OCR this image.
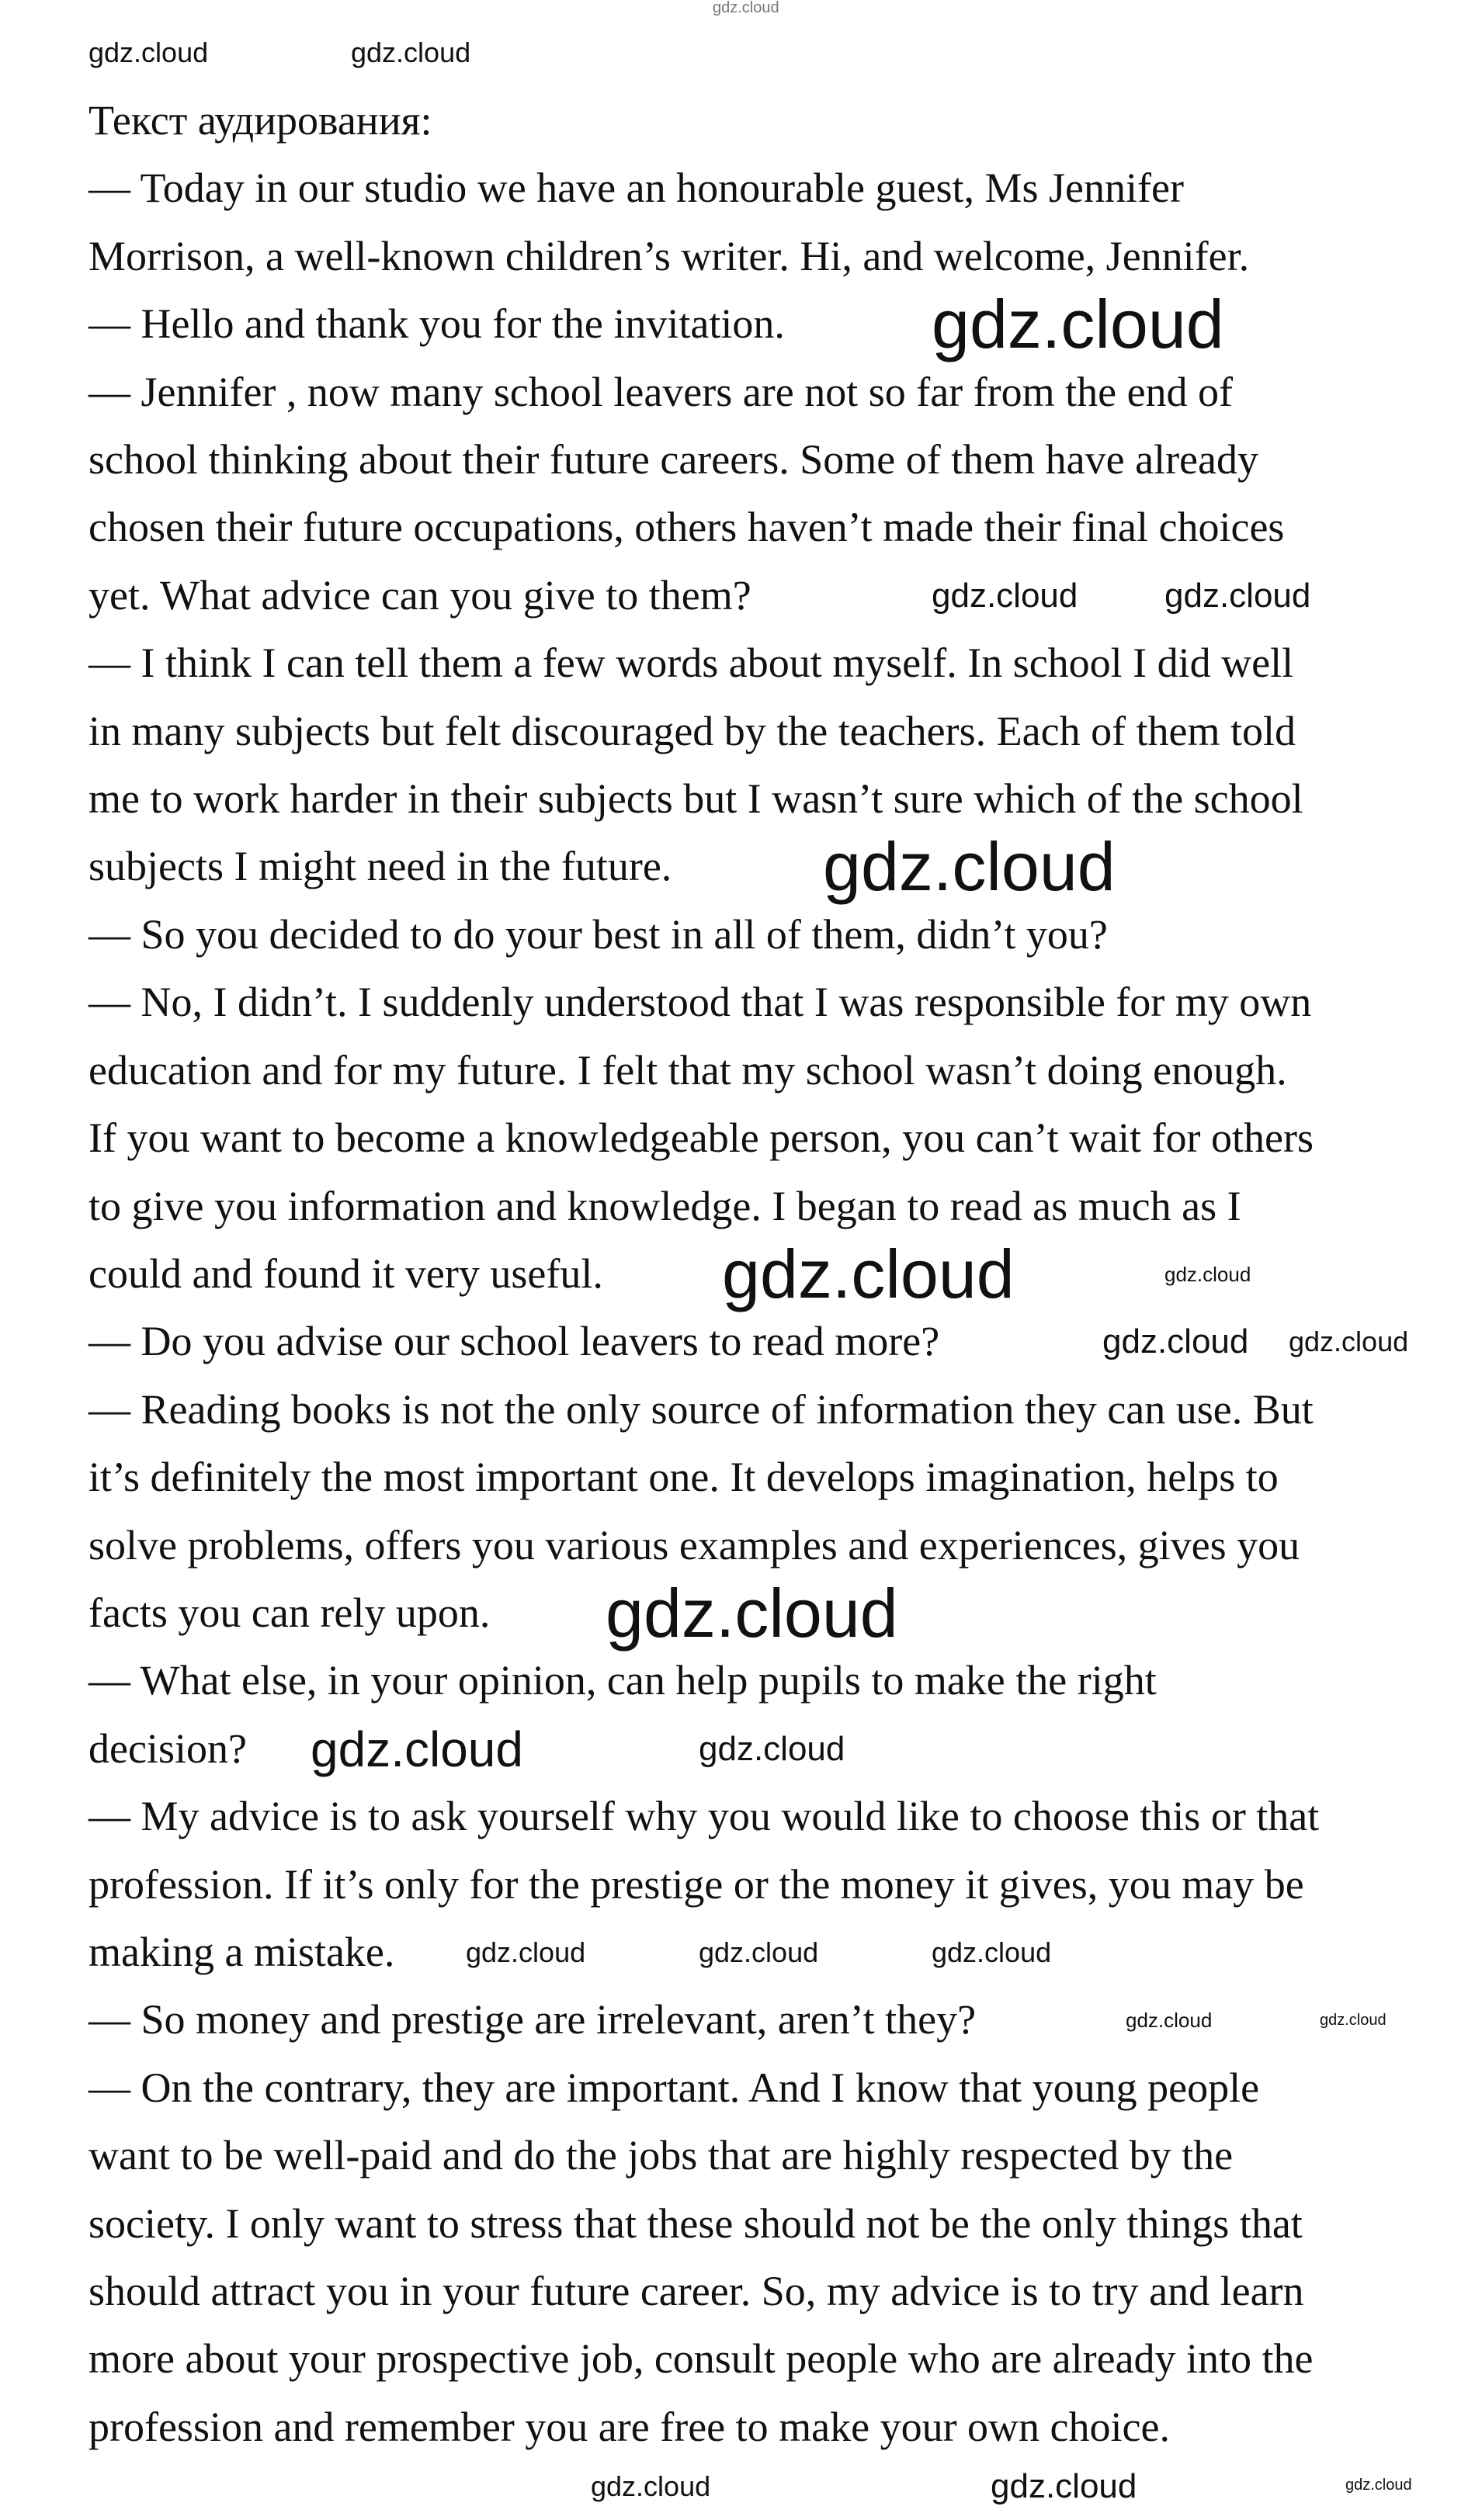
Текст аудирования:
— Today in our studio we have an honourable guest, Ms Jennifer
Morrison, a well-known children’s writer. Hi, and welcome, Jennifer.
— Hello and thank you for the invitation.
— Jennifer , now many school leavers are not so far from the end of
school thinking about their future careers. Some of them have already
chosen their future occupations, others haven’t made their final choices
yet. What advice can you give to them?
— I think I can tell them a few words about myself. In school I did well
in many subjects but felt discouraged by the teachers. Each of them told
me to work harder in their subjects but I wasn’t sure which of the school
subjects I might need in the future.
— So you decided to do your best in all of them, didn’t you?
— No, I didn’t. I suddenly understood that I was responsible for my own
education and for my future. I felt that my school wasn’t doing enough.
If you want to become a knowledgeable person, you can’t wait for others
to give you information and knowledge. I began to read as much as I
could and found it very useful.
— Do you advise our school leavers to read more?
— Reading books is not the only source of information they can use. But
it’s definitely the most important one. It develops imagination, helps to
solve problems, offers you various examples and experiences, gives you
facts you can rely upon.
— What else, in your opinion, can help pupils to make the right
decision?
— My advice is to ask yourself why you would like to choose this or that
profession. If it’s only for the prestige or the money it gives, you may be
making a mistake.
— So money and prestige are irrelevant, aren’t they?
— On the contrary, they are important. And I know that young people
want to be well-paid and do the jobs that are highly respected by the
society. I only want to stress that these should not be the only things that
should attract you in your future career. So, my advice is to try and learn
more about your prospective job, consult people who are already into the
profession and remember you are free to make your own choice.
gdz.cloud
gdz.cloud	gdz.cloud
gdz.cloud
gdz.cloud	gdz.cloud
gdz.cloud
gdz.cloud
gdz.cloud	gdz.cloud
gdz.cloud
gdz.cloud
gdz.cloud
gdz.cloud	gdz.cloud
gdz.cloud
gdz.cloud
gdz.cloud
gdz.cloud
gdz.cloud	gdz.cloud
gdz.cloud
